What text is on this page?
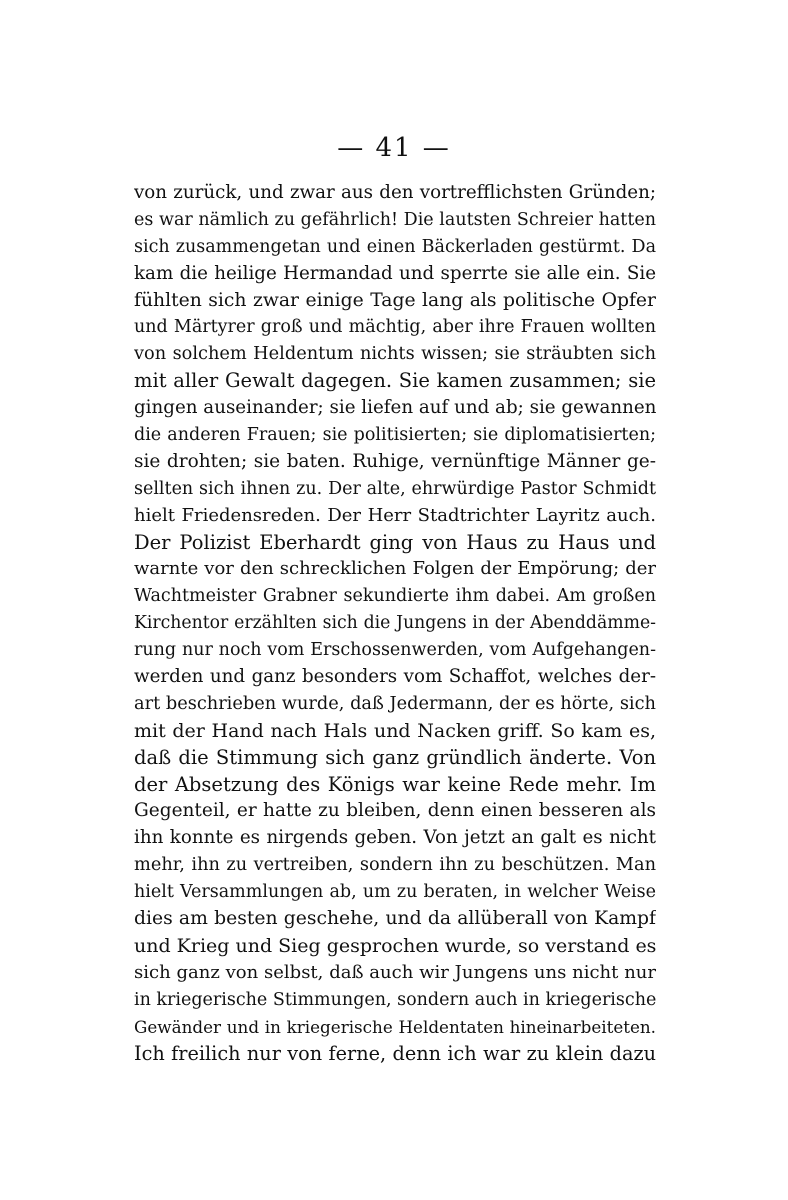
— 41 —
von zurück, und zwar aus den vortrefflichsten Gründen;
es war nämlich zu gefährlich! Die lautsten Schreier hatten
sich zusammengetan und einen Bäckerladen gestürmt. Da
kam die heilige Hermandad und sperrte sie alle ein. Sie
fühlten sich zwar einige Tage lang als politische Opfer
und Märtyrer groß und mächtig, aber ihre Frauen wollten
von solchem Heldentum nichts wissen; sie sträubten sich
mit aller Gewalt dagegen. Sie kamen zusammen; sie
gingen auseinander; sie liefen auf und ab; sie gewannen
die anderen Frauen; sie politisierten; sie diplomatisierten;
sie drohten; sie baten. Ruhige, vernünftige Männer ge-
sellten sich ihnen zu. Der alte, ehrwürdige Pastor Schmidt
hielt Friedensreden. Der Herr Stadtrichter Layritz auch.
Der Polizist Eberhardt ging von Haus zu Haus und
warnte vor den schrecklichen Folgen der Empörung; der
Wachtmeister Grabner sekundierte ihm dabei. Am großen
Kirchentor erzählten sich die Jungens in der Abenddämme-
rung nur noch vom Erschossenwerden, vom Aufgehangen-
werden und ganz besonders vom Schaffot, welches der-
art beschrieben wurde, daß Jedermann, der es hörte, sich
mit der Hand nach Hals und Nacken griff. So kam es,
daß die Stimmung sich ganz gründlich änderte. Von
der Absetzung des Königs war keine Rede mehr. Im
Gegenteil, er hatte zu bleiben, denn einen besseren als
ihn konnte es nirgends geben. Von jetzt an galt es nicht
mehr, ihn zu vertreiben, sondern ihn zu beschützen. Man
hielt Versammlungen ab, um zu beraten, in welcher Weise
dies am besten geschehe, und da allüberall von Kampf
und Krieg und Sieg gesprochen wurde, so verstand es
sich ganz von selbst, daß auch wir Jungens uns nicht nur
in kriegerische Stimmungen, sondern auch in kriegerische
Gewänder und in kriegerische Heldentaten hineinarbeiteten.
Ich freilich nur von ferne, denn ich war zu klein dazu
